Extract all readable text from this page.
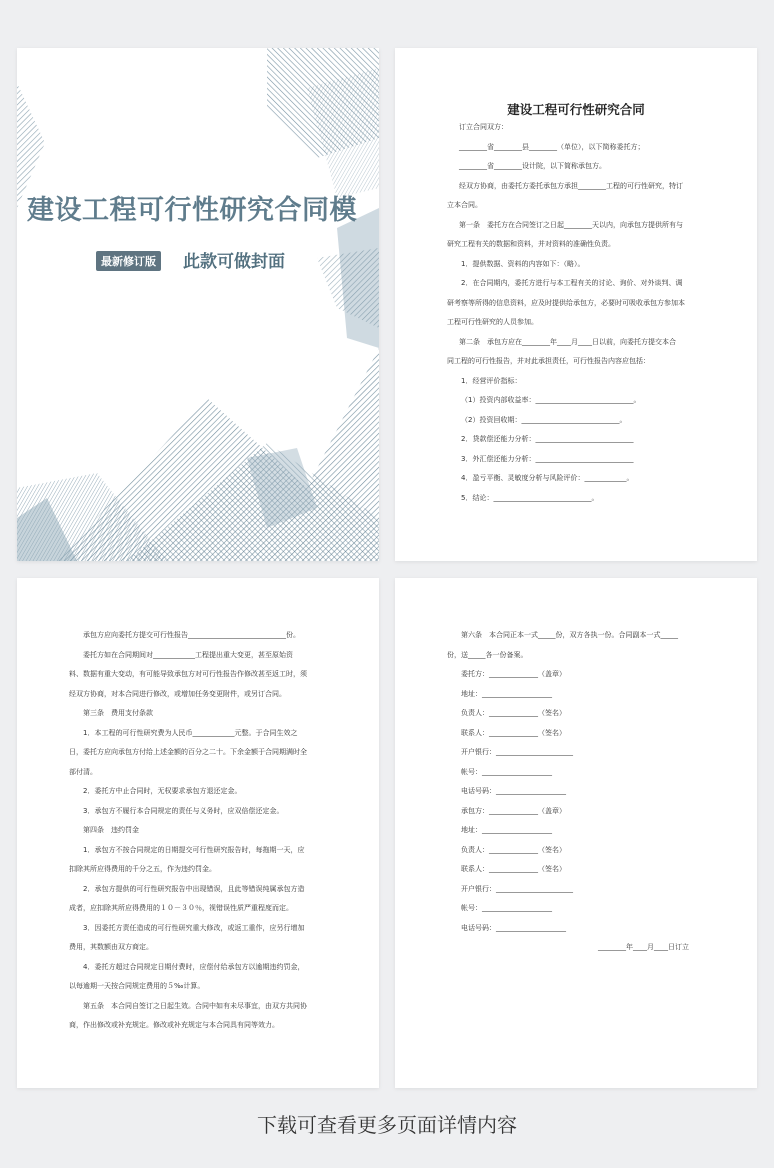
建设工程可行性研究合同模
最新修订版 此款可做封面
建设工程可行性研究合同
订立合同双方：
________省________县________（单位），以下简称委托方；
________省________设计院，以下简称承包方。
经双方协商，由委托方委托承包方承担________工程的可行性研究，特订
立本合同。
第一条　委托方在合同签订之日起________天以内，向承包方提供所有与
研究工程有关的数据和资料，并对资料的准确性负责。
1．提供数据、资料的内容如下：（略）。
2．在合同期内，委托方进行与本工程有关的讨论、询价、对外谈判、调
研考察等所得的信息资料，应及时提供给承包方，必要时可吸收承包方参加本
工程可行性研究的人员参加。
第二条　承包方应在________年____月____日以前，向委托方提交本合
同工程的可行性报告，并对此承担责任，可行性报告内容应包括：
1．经营评价指标：
（1）投资内部收益率：____________________________。
（2）投资回收期：____________________________。
2．贷款偿还能力分析：____________________________
3．外汇偿还能力分析：____________________________
4．盈亏平衡、灵敏度分析与风险评价：____________。
5．结论：____________________________。
承包方应向委托方提交可行性报告____________________________份。
委托方如在合同期间对____________工程提出重大变更，甚至原始资
料、数据有重大变动，有可能导致承包方对可行性报告作修改甚至返工时，须
经双方协商，对本合同进行修改，或增加任务变更附件，或另订合同。
第三条　费用支付条款
1．本工程的可行性研究费为人民币____________元整。于合同生效之
日，委托方应向承包方付给上述金额的百分之二十。下余金额于合同期满时全
部付清。
2．委托方中止合同时，无权要求承包方退还定金。
3．承包方不履行本合同规定的责任与义务时，应双倍偿还定金。
第四条　违约罚金
1．承包方不按合同规定的日期提交可行性研究报告时，每拖期一天，应
扣除其所应得费用的千分之五，作为违约罚金。
2．承包方提供的可行性研究报告中出现错误，且此等错误纯属承包方造
成者，应扣除其所应得费用的１０－３０％，视错误性质严重程度而定。
3．因委托方责任造成的可行性研究重大修改，或返工重作，应另行增加
费用，其数额由双方商定。
4．委托方超过合同规定日期付费时，应偿付给承包方以逾期违约罚金，
以每逾期一天按合同规定费用的５‰计算。
第五条　本合同自签订之日起生效。合同中如有未尽事宜，由双方共同协
商，作出修改或补充规定。修改或补充规定与本合同具有同等效力。
第六条　本合同正本一式_____份，双方各执一份。合同副本一式_____
份，送_____各一份备案。
委托方：______________（盖章）
地址：____________________
负责人：______________（签名）
联系人：______________（签名）
开户银行：______________________
帐号：____________________
电话号码：____________________
承包方：______________（盖章）
地址：____________________
负责人：______________（签名）
联系人：______________（签名）
开户银行：______________________
帐号：____________________
电话号码：____________________
________年____月____日订立
下载可查看更多页面详情内容
